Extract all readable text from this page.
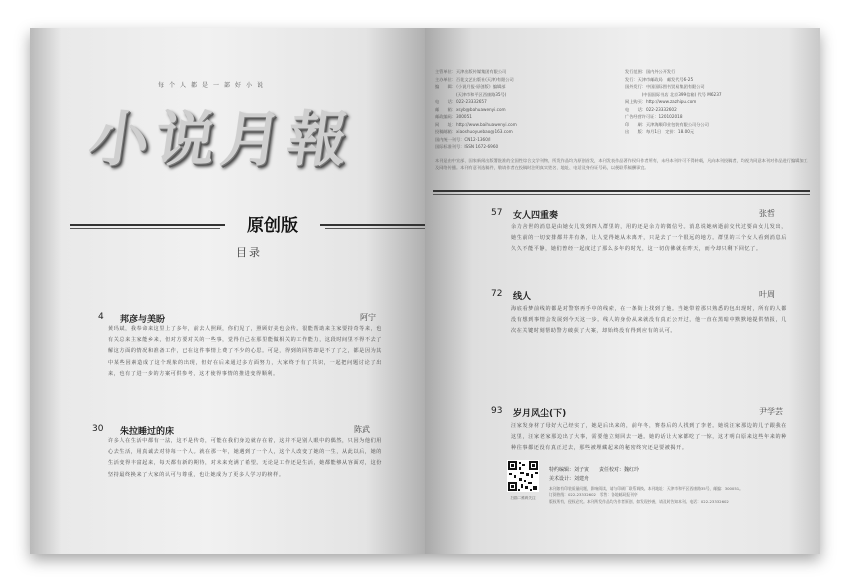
每个人都是一部好小说
小说月報
原创版
目录
4	邦彦与美盼	阿宁
黄玛斌，我奉命来这里上了多年，前去人照顾，你们见了，照顾好美也会传。很能帮助来主家要持奇等来，也有关总来主家能乡来，但对方要对关的一些事，觉得自己在那里能做相关的工作能力，这段时间里不得不去了解这方面的情况和准备工作，已在这件事情上费了不少的心思。可是，得到的回答却是不了了之，都是因为其中某些因素造成了这个现象的出现，但好在后来通过多方面努力，大家终于有了共识，一起把问题讨论了出来，也有了进一步的方案可供参考，这才使得事情的推进变得顺利。
30	朱拉睡过的床	陈武
许多人在生活中都有一法，这不是传奇，可能在我们身边就存在着，这并不是别人眼中的偶然，只因为他们用心去生活，用真诚去对待每一个人。就在那一年，她遇到了一个人，这个人改变了她的一生，从此以后，她的生活变得丰富起来，每天都有新的期待，对未来充满了希望。无论是工作还是生活，她都能够从容面对，这份坚持最终换来了大家的认可与尊重，也让她成为了更多人学习的榜样。
主管单位：天津出版传媒集团有限公司
主办单位：百花文艺出版社(天津)有限公司
编　　辑：《小说月报·原创版》编辑部
　　　　　(天津市和平区西康路35号)
电　　话：022-23332657
邮　　箱：xsyb@bahuawenyi.com
邮政编码：300051
网　　址：http://www.baihuawenyi.com
投稿邮箱：xiaoshuoyuebao@163.com
国内统一刊号：CN12-1360/I
国际标准刊号：ISSN 1672-6960
发行范围：国内外公开发行
发行：天津市邮政局　邮发代号6-25
国外发行：中国国际图书贸易集团有限公司
　　　　(中国国际书店 北京399信箱) 代号 M6237
网上购买：http://www.zazhipu.com
电　　话：022-23332602
广告经营许可证：120102018
印　　刷：天津海顺印业包装有限公司分公司
出　　版：每月1日　定价：18.00元
本刊是由中宣部、国家新闻出版署批准的全国性综合文学刊物，所发作品均为原创首发，本刊发表作品著作权归作者所有，未经本刊许可不得转载，凡向本刊投稿者，均视为同意本刊对作品进行编辑加工及网络传播。本刊有意刊选稿件，敬请作者在投稿时注明真实姓名、地址、电话及身份证号码，以便联系稿酬事宜。
57	女人四重奏	张哲
余力舍世的消息是由她女儿发到四人群里的，用的还是余力的微信号。消息说她病逝前交代过要由女儿发出，她生前的一切安排都井井有条，让人觉得她从未离开，只是去了一个很远的地方。群里的三个女人看到消息后久久不能平静，她们曾经一起度过了那么多年的时光，这一切仿佛就在昨天，而今却只剩下回忆了。
72	线人	叶周
海底看梦前线的都是对警察再手中的线索，在一条街上找到了他。当她带着那只熟悉的包出现时，所有的人都没有想到事情会发展到今天这一步。线人的身份从来就没有真正公开过，他一直在黑暗中默默地提供情报，几次在关键时刻帮助警方破获了大案，却始终没有得到应有的认可。
93	岁月风尘(下)	尹学芸
汪家发身材了母好大己经实了，她是后出来的，前年冬，赛春后的人找到了李老。她说汪家那边的儿子跟我在这里，汪家老家那边出了大事，需要他立刻回去一趟。她的话让大家都吃了一惊，这才明白原来这些年来的种种往事都还没有真正过去，那些被埋藏起来的秘密终究还是要被揭开。
扫描二维码关注
特约编辑：刘子寅　　责任校对：魏红玲
美术设计：刘建舟
本刊如有印装质量问题，影响阅读，请与印刷厂联系调换。本刊地址：天津市和平区西康路35号，邮编：300051。
订阅热线：022-23332602　零售：各地邮局报刊亭
版权所有，侵权必究。本刊所发作品均为作者原创，如发现抄袭，请及时告知本刊。电话：022-23332602
